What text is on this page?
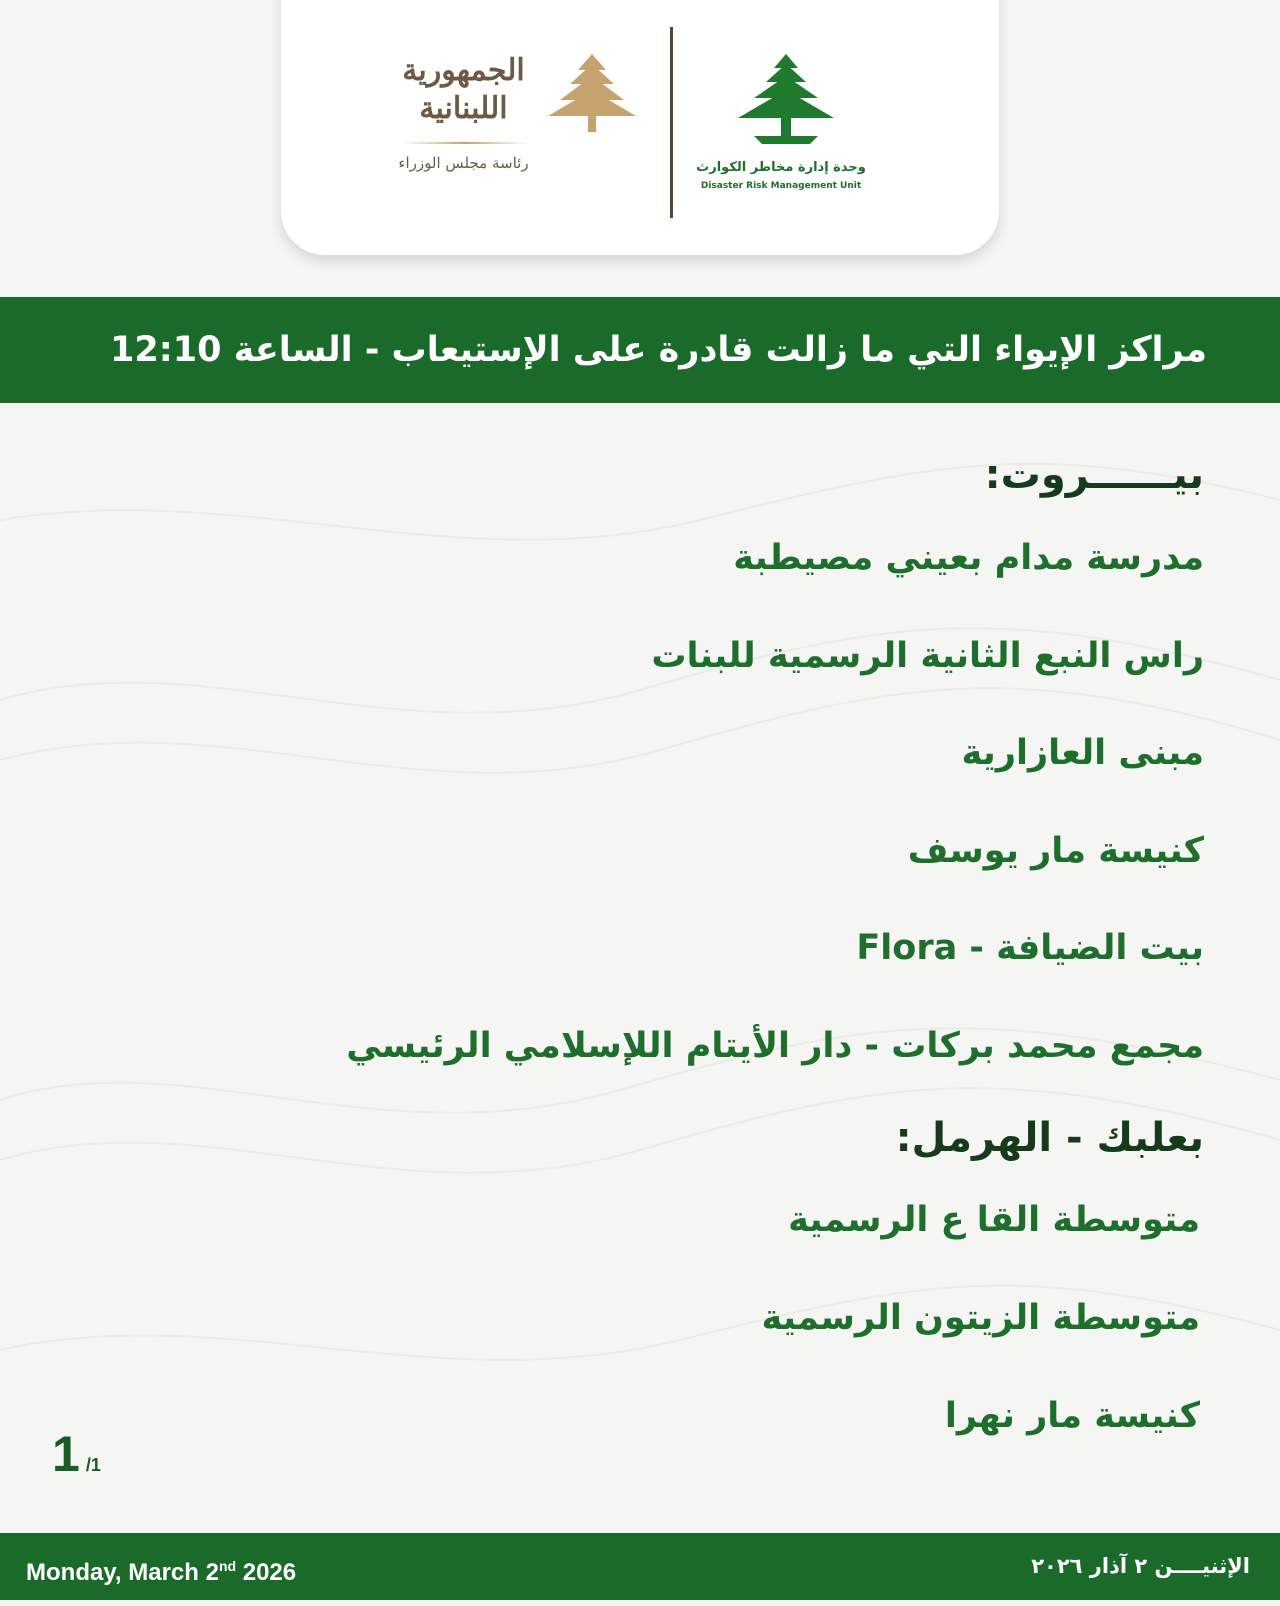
الجمهورية
اللبنانية
رئاسة مجلس الوزراء	وحدة إدارة مخاطر الكوارث
Disaster Risk Management Unit
مراكز الإيواء التي ما زالت قادرة على الإستيعاب - الساعة 12:10
بيــــــروت:
مدرسة مدام بعيني مصيطبة
راس النبع الثانية الرسمية للبنات
مبنى العازارية
كنيسة مار يوسف
بيت الضيافة - Flora
مجمع محمد بركات - دار الأيتام اللإسلامي الرئيسي
بعلبك - الهرمل:
متوسطة القا ع الرسمية
متوسطة الزيتون الرسمية
كنيسة مار نهرا
1 /1
Monday, March 2nd 2026	الإثنيــــن ٢ آذار ٢٠٢٦
